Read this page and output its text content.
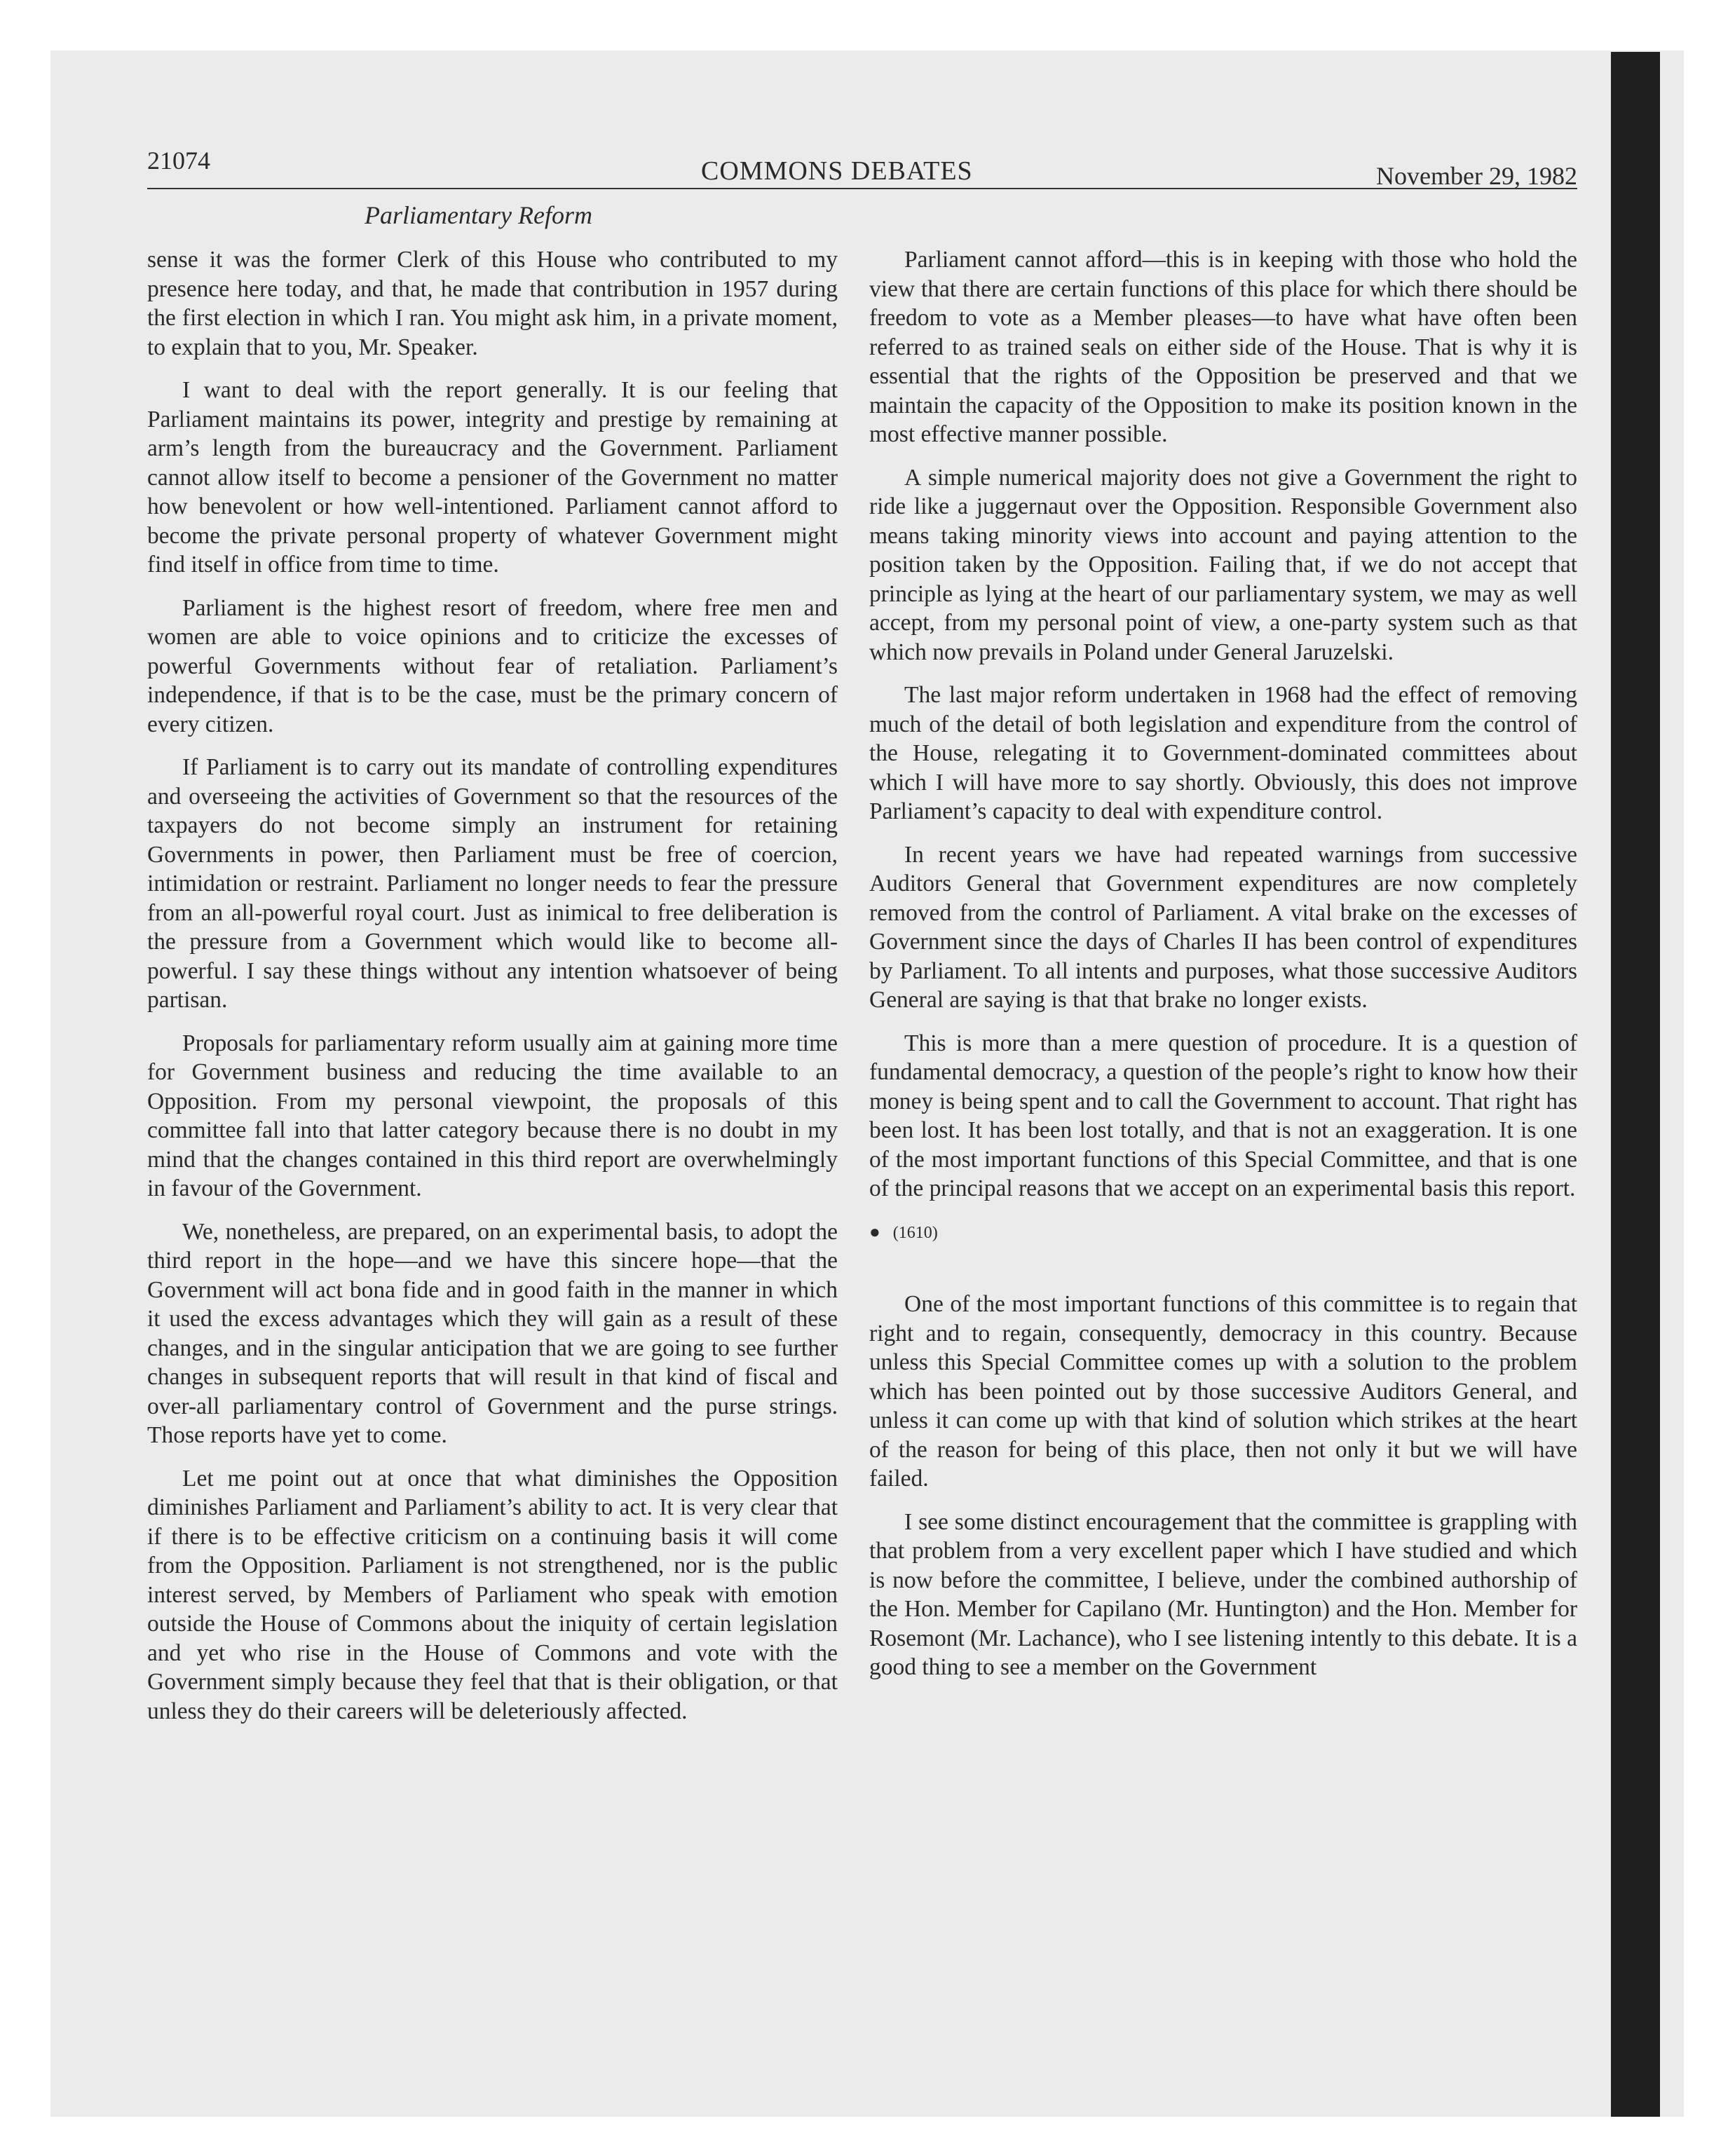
21074	COMMONS DEBATES	November 29, 1982
Parliamentary Reform

sense it was the former Clerk of this House who contributed to my presence here today, and that, he made that contribution in 1957 during the first election in which I ran. You might ask him, in a private moment, to explain that to you, Mr. Speaker.

I want to deal with the report generally. It is our feeling that Parliament maintains its power, integrity and prestige by remaining at arm’s length from the bureaucracy and the Government. Parliament cannot allow itself to become a pensioner of the Government no matter how benevolent or how well-intentioned. Parliament cannot afford to become the private personal property of whatever Government might find itself in office from time to time.

Parliament is the highest resort of freedom, where free men and women are able to voice opinions and to criticize the excesses of powerful Governments without fear of retaliation. Parliament’s independence, if that is to be the case, must be the primary concern of every citizen.

If Parliament is to carry out its mandate of controlling expenditures and overseeing the activities of Government so that the resources of the taxpayers do not become simply an instrument for retaining Governments in power, then Parliament must be free of coercion, intimidation or restraint. Parliament no longer needs to fear the pressure from an all-powerful royal court. Just as inimical to free deliberation is the pressure from a Government which would like to become all-powerful. I say these things without any intention whatsoever of being partisan.

Proposals for parliamentary reform usually aim at gaining more time for Government business and reducing the time available to an Opposition. From my personal viewpoint, the proposals of this committee fall into that latter category because there is no doubt in my mind that the changes contained in this third report are overwhelmingly in favour of the Government.

We, nonetheless, are prepared, on an experimental basis, to adopt the third report in the hope—and we have this sincere hope—that the Government will act bona fide and in good faith in the manner in which it used the excess advantages which they will gain as a result of these changes, and in the singular anticipation that we are going to see further changes in subsequent reports that will result in that kind of fiscal and over-all parliamentary control of Government and the purse strings. Those reports have yet to come.

Let me point out at once that what diminishes the Opposition diminishes Parliament and Parliament’s ability to act. It is very clear that if there is to be effective criticism on a continuing basis it will come from the Opposition. Parliament is not strengthened, nor is the public interest served, by Members of Parliament who speak with emotion outside the House of Commons about the iniquity of certain legislation and yet who rise in the House of Commons and vote with the Government simply because they feel that that is their obligation, or that unless they do their careers will be deleteriously affected.

Parliament cannot afford—this is in keeping with those who hold the view that there are certain functions of this place for which there should be freedom to vote as a Member pleases—to have what have often been referred to as trained seals on either side of the House. That is why it is essential that the rights of the Opposition be preserved and that we maintain the capacity of the Opposition to make its position known in the most effective manner possible.

A simple numerical majority does not give a Government the right to ride like a juggernaut over the Opposition. Responsible Government also means taking minority views into account and paying attention to the position taken by the Opposition. Failing that, if we do not accept that principle as lying at the heart of our parliamentary system, we may as well accept, from my personal point of view, a one-party system such as that which now prevails in Poland under General Jaruzelski.

The last major reform undertaken in 1968 had the effect of removing much of the detail of both legislation and expenditure from the control of the House, relegating it to Government-dominated committees about which I will have more to say shortly. Obviously, this does not improve Parliament’s capacity to deal with expenditure control.

In recent years we have had repeated warnings from successive Auditors General that Government expenditures are now completely removed from the control of Parliament. A vital brake on the excesses of Government since the days of Charles II has been control of expenditures by Parliament. To all intents and purposes, what those successive Auditors General are saying is that that brake no longer exists.

This is more than a mere question of procedure. It is a question of fundamental democracy, a question of the people’s right to know how their money is being spent and to call the Government to account. That right has been lost. It has been lost totally, and that is not an exaggeration. It is one of the most important functions of this Special Committee, and that is one of the principal reasons that we accept on an experimental basis this report.

● (1610)

One of the most important functions of this committee is to regain that right and to regain, consequently, democracy in this country. Because unless this Special Committee comes up with a solution to the problem which has been pointed out by those successive Auditors General, and unless it can come up with that kind of solution which strikes at the heart of the reason for being of this place, then not only it but we will have failed.

I see some distinct encouragement that the committee is grappling with that problem from a very excellent paper which I have studied and which is now before the committee, I believe, under the combined authorship of the Hon. Member for Capilano (Mr. Huntington) and the Hon. Member for Rosemont (Mr. Lachance), who I see listening intently to this debate. It is a good thing to see a member on the Government
